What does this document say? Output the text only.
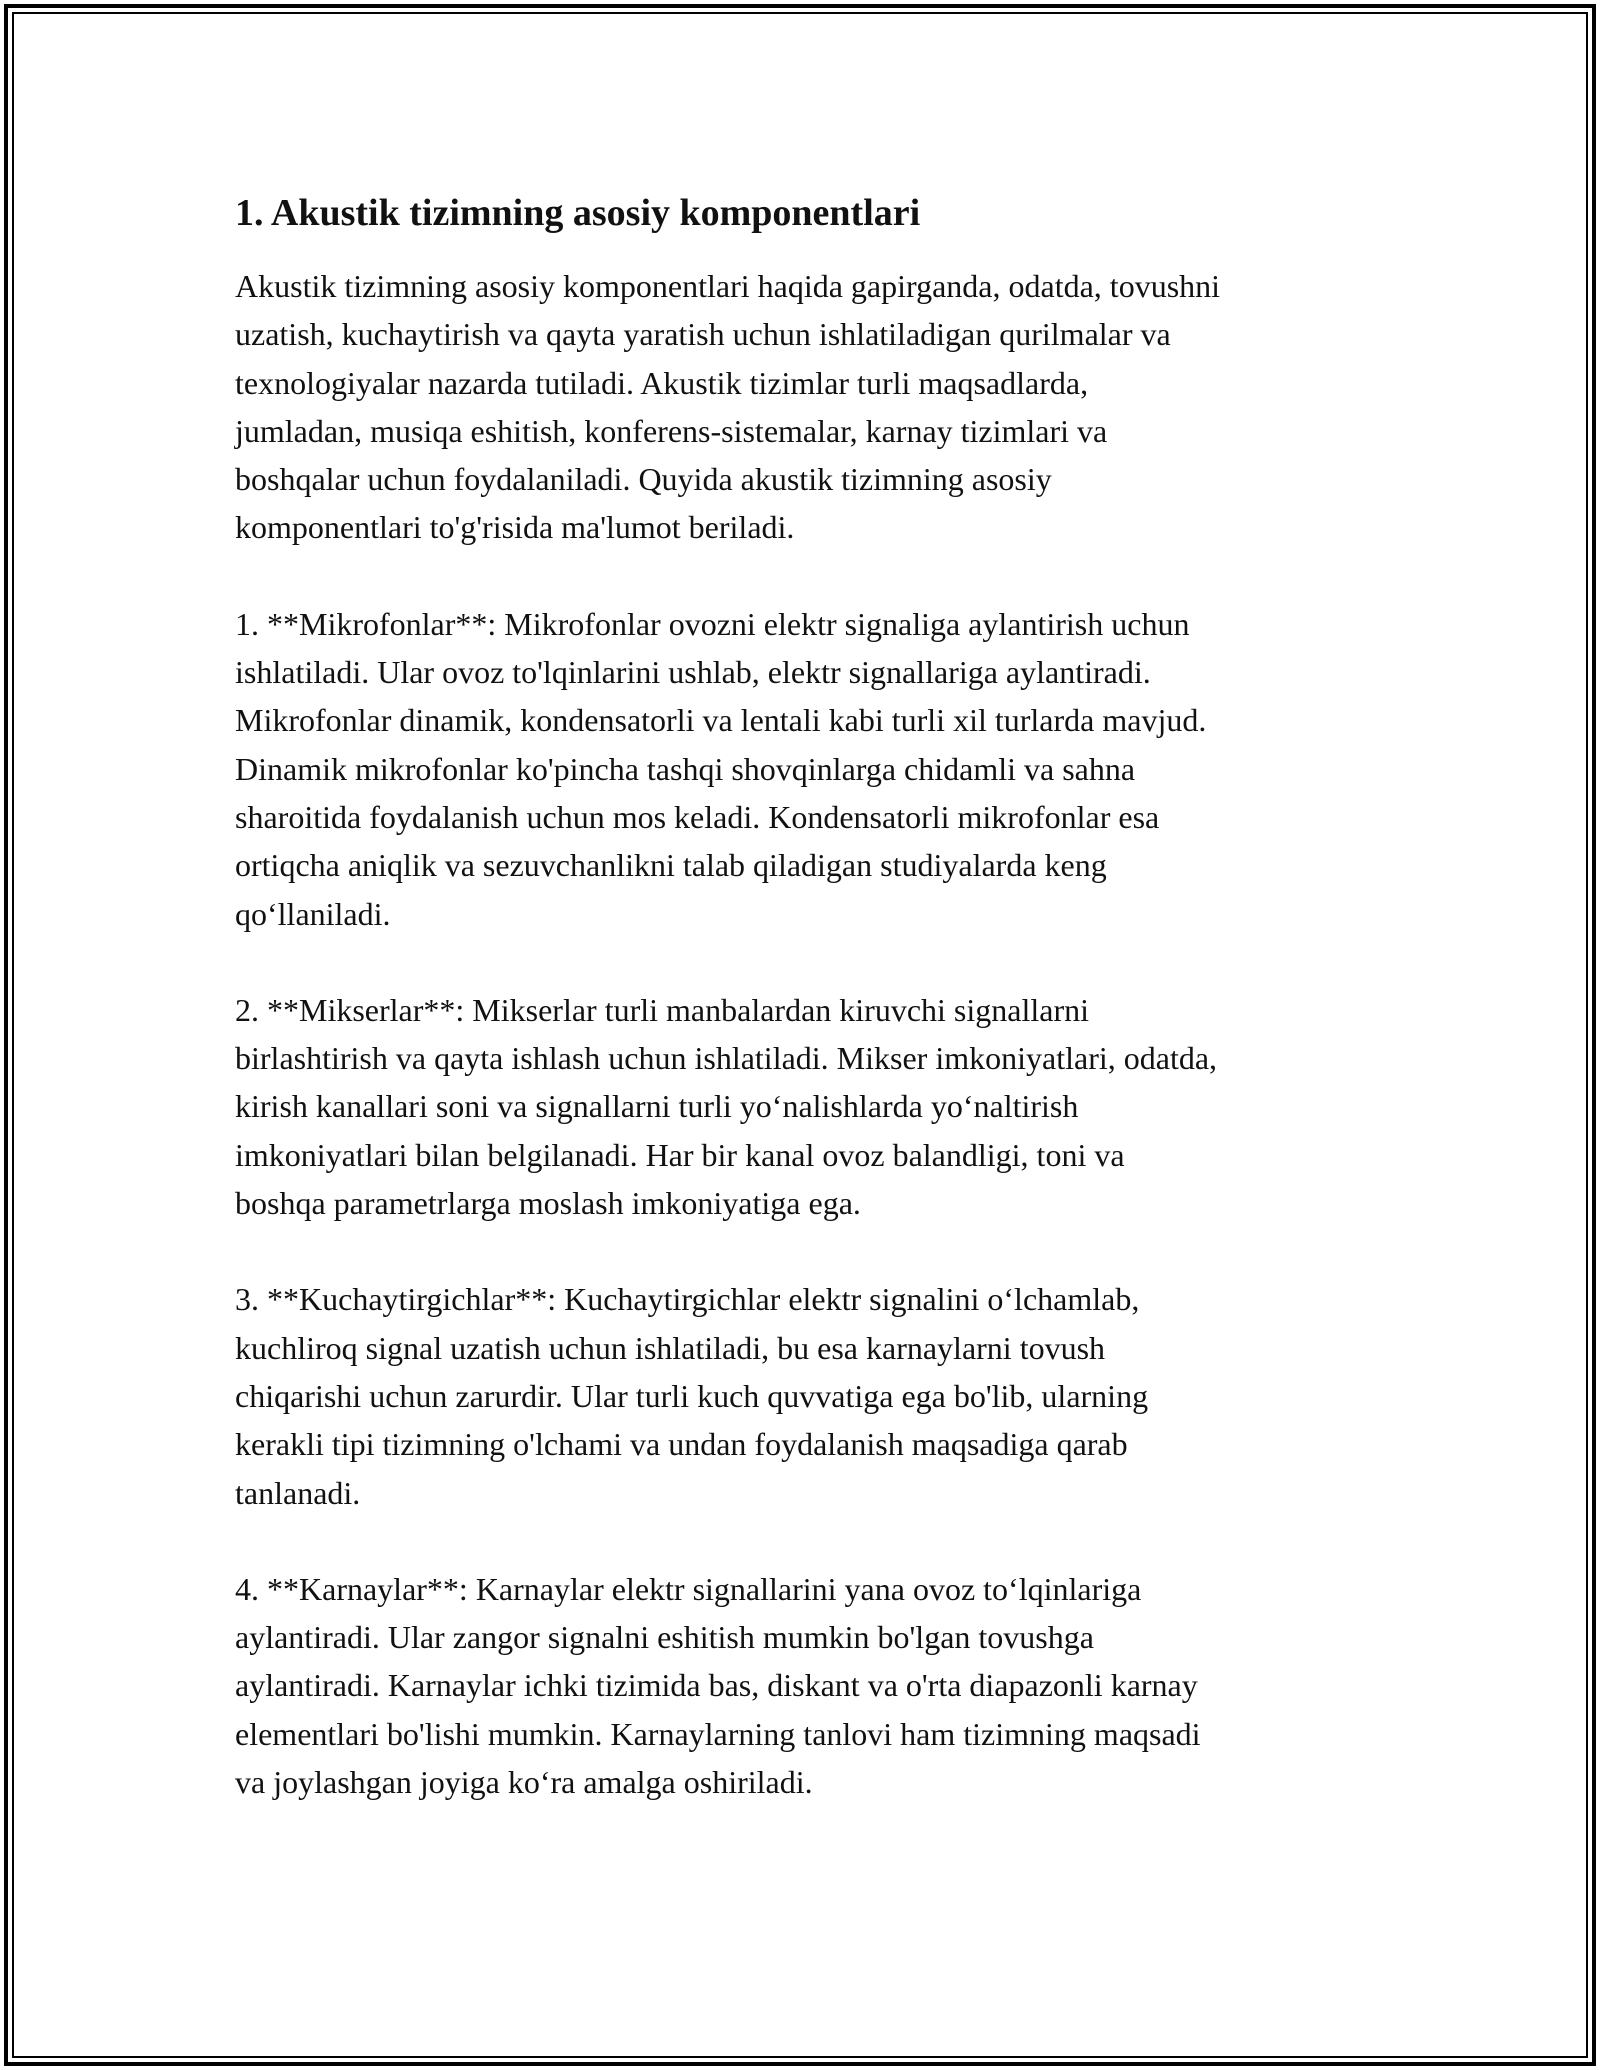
1. Akustik tizimning asosiy komponentlari

Akustik tizimning asosiy komponentlari haqida gapirganda, odatda, tovushni
uzatish, kuchaytirish va qayta yaratish uchun ishlatiladigan qurilmalar va
texnologiyalar nazarda tutiladi. Akustik tizimlar turli maqsadlarda,
jumladan, musiqa eshitish, konferens-sistemalar, karnay tizimlari va
boshqalar uchun foydalaniladi. Quyida akustik tizimning asosiy
komponentlari to'g'risida ma'lumot beriladi.

1. **Mikrofonlar**: Mikrofonlar ovozni elektr signaliga aylantirish uchun
ishlatiladi. Ular ovoz to'lqinlarini ushlab, elektr signallariga aylantiradi.
Mikrofonlar dinamik, kondensatorli va lentali kabi turli xil turlarda mavjud.
Dinamik mikrofonlar ko'pincha tashqi shovqinlarga chidamli va sahna
sharoitida foydalanish uchun mos keladi. Kondensatorli mikrofonlar esa
ortiqcha aniqlik va sezuvchanlikni talab qiladigan studiyalarda keng
qo‘llaniladi.

2. **Mikserlar**: Mikserlar turli manbalardan kiruvchi signallarni
birlashtirish va qayta ishlash uchun ishlatiladi. Mikser imkoniyatlari, odatda,
kirish kanallari soni va signallarni turli yo‘nalishlarda yo‘naltirish
imkoniyatlari bilan belgilanadi. Har bir kanal ovoz balandligi, toni va
boshqa parametrlarga moslash imkoniyatiga ega.

3. **Kuchaytirgichlar**: Kuchaytirgichlar elektr signalini o‘lchamlab,
kuchliroq signal uzatish uchun ishlatiladi, bu esa karnaylarni tovush
chiqarishi uchun zarurdir. Ular turli kuch quvvatiga ega bo'lib, ularning
kerakli tipi tizimning o'lchami va undan foydalanish maqsadiga qarab
tanlanadi.

4. **Karnaylar**: Karnaylar elektr signallarini yana ovoz to‘lqinlariga
aylantiradi. Ular zangor signalni eshitish mumkin bo'lgan tovushga
aylantiradi. Karnaylar ichki tizimida bas, diskant va o'rta diapazonli karnay
elementlari bo'lishi mumkin. Karnaylarning tanlovi ham tizimning maqsadi
va joylashgan joyiga ko‘ra amalga oshiriladi.
